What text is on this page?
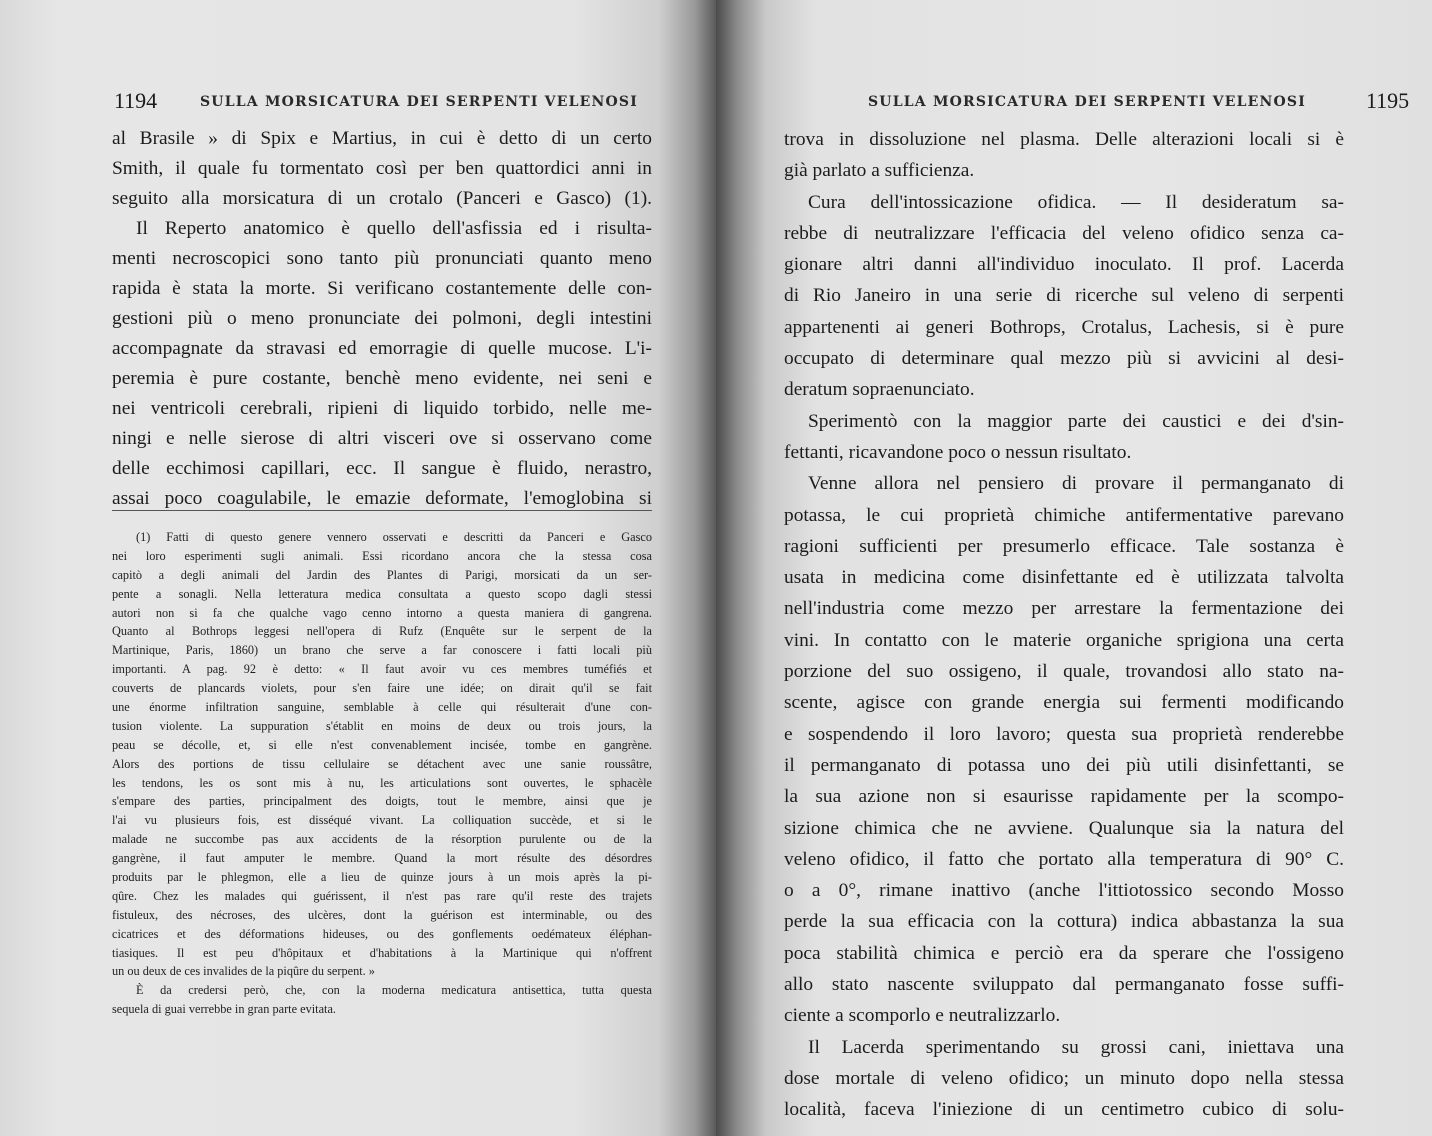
1194	SULLA MORSICATURA DEI SERPENTI VELENOSI
al Brasile » di Spix e Martius, in cui è detto di un certo
Smith, il quale fu tormentato così per ben quattordici anni in
seguito alla morsicatura di un crotalo (Panceri e Gasco) (1).
Il Reperto anatomico è quello dell'asfissia ed i risulta-
menti necroscopici sono tanto più pronunciati quanto meno
rapida è stata la morte. Si verificano costantemente delle con-
gestioni più o meno pronunciate dei polmoni, degli intestini
accompagnate da stravasi ed emorragie di quelle mucose. L'i-
peremia è pure costante, benchè meno evidente, nei seni e
nei ventricoli cerebrali, ripieni di liquido torbido, nelle me-
ningi e nelle sierose di altri visceri ove si osservano come
delle ecchimosi capillari, ecc. Il sangue è fluido, nerastro,
assai poco coagulabile, le emazie deformate, l'emoglobina si
(1) Fatti di questo genere vennero osservati e descritti da Panceri e Gasco
nei loro esperimenti sugli animali. Essi ricordano ancora che la stessa cosa
capitò a degli animali del Jardin des Plantes di Parigi, morsicati da un ser-
pente a sonagli. Nella letteratura medica consultata a questo scopo dagli stessi
autori non si fa che qualche vago cenno intorno a questa maniera di gangrena.
Quanto al Bothrops leggesi nell'opera di Rufz (Enquête sur le serpent de la
Martinique, Paris, 1860) un brano che serve a far conoscere i fatti locali più
importanti. A pag. 92 è detto: « Il faut avoir vu ces membres tuméfiés et
couverts de plancards violets, pour s'en faire une idée; on dirait qu'il se fait
une énorme infiltration sanguine, semblable à celle qui résulterait d'une con-
tusion violente. La suppuration s'établit en moins de deux ou trois jours, la
peau se décolle, et, si elle n'est convenablement incisée, tombe en gangrène.
Alors des portions de tissu cellulaire se détachent avec une sanie roussâtre,
les tendons, les os sont mis à nu, les articulations sont ouvertes, le sphacèle
s'empare des parties, principalment des doigts, tout le membre, ainsi que je
l'ai vu plusieurs fois, est disséqué vivant. La colliquation succède, et si le
malade ne succombe pas aux accidents de la résorption purulente ou de la
gangrène, il faut amputer le membre. Quand la mort résulte des désordres
produits par le phlegmon, elle a lieu de quinze jours à un mois après la pi-
qûre. Chez les malades qui guérissent, il n'est pas rare qu'il reste des trajets
fistuleux, des nécroses, des ulcères, dont la guérison est interminable, ou des
cicatrices et des déformations hideuses, ou des gonflements oedémateux éléphan-
tiasiques. Il est peu d'hôpitaux et d'habitations à la Martinique qui n'offrent
un ou deux de ces invalides de la piqûre du serpent. »
È da credersi però, che, con la moderna medicatura antisettica, tutta questa
sequela di guai verrebbe in gran parte evitata.
SULLA MORSICATURA DEI SERPENTI VELENOSI	1195
trova in dissoluzione nel plasma. Delle alterazioni locali si è
già parlato a sufficienza.
Cura dell'intossicazione ofidica. — Il desideratum sa-
rebbe di neutralizzare l'efficacia del veleno ofidico senza ca-
gionare altri danni all'individuo inoculato. Il prof. Lacerda
di Rio Janeiro in una serie di ricerche sul veleno di serpenti
appartenenti ai generi Bothrops, Crotalus, Lachesis, si è pure
occupato di determinare qual mezzo più si avvicini al desi-
deratum sopraenunciato.
Sperimentò con la maggior parte dei caustici e dei d'sin-
fettanti, ricavandone poco o nessun risultato.
Venne allora nel pensiero di provare il permanganato di
potassa, le cui proprietà chimiche antifermentative parevano
ragioni sufficienti per presumerlo efficace. Tale sostanza è
usata in medicina come disinfettante ed è utilizzata talvolta
nell'industria come mezzo per arrestare la fermentazione dei
vini. In contatto con le materie organiche sprigiona una certa
porzione del suo ossigeno, il quale, trovandosi allo stato na-
scente, agisce con grande energia sui fermenti modificando
e sospendendo il loro lavoro; questa sua proprietà renderebbe
il permanganato di potassa uno dei più utili disinfettanti, se
la sua azione non si esaurisse rapidamente per la scompo-
sizione chimica che ne avviene. Qualunque sia la natura del
veleno ofidico, il fatto che portato alla temperatura di 90° C.
o a 0°, rimane inattivo (anche l'ittiotossico secondo Mosso
perde la sua efficacia con la cottura) indica abbastanza la sua
poca stabilità chimica e perciò era da sperare che l'ossigeno
allo stato nascente sviluppato dal permanganato fosse suffi-
ciente a scomporlo e neutralizzarlo.
Il Lacerda sperimentando su grossi cani, iniettava una
dose mortale di veleno ofidico; un minuto dopo nella stessa
località, faceva l'iniezione di un centimetro cubico di solu-
